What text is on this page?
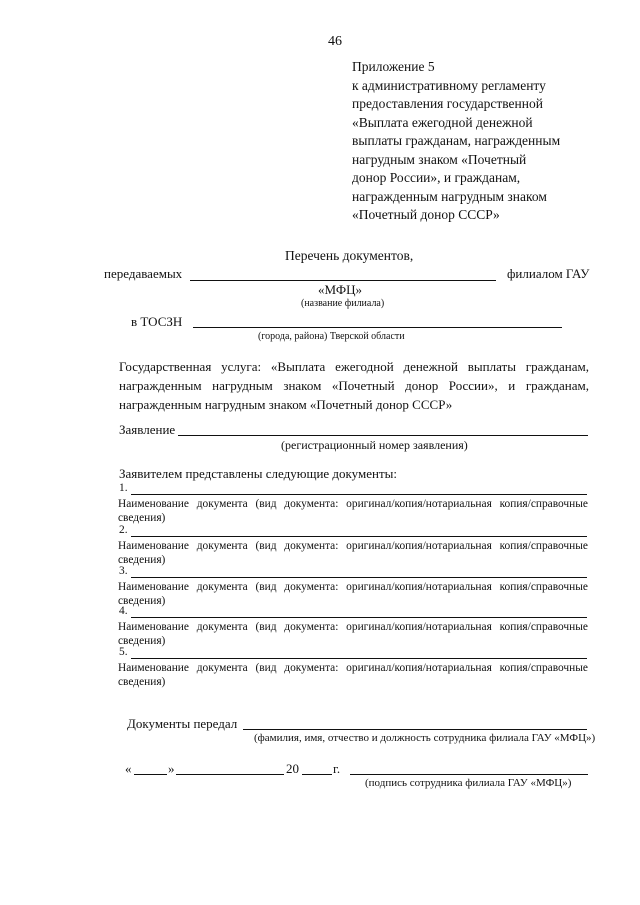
46
Приложение 5
к административному регламенту
предоставления государственной
«Выплата ежегодной денежной
выплаты гражданам, награжденным
нагрудным знаком «Почетный
донор России», и гражданам,
награжденным нагрудным знаком
«Почетный донор СССР»
Перечень документов,
передаваемых	филиалом ГАУ
«МФЦ»
(название филиала)
в ТОСЗН
(города, района) Тверской области
Государственная услуга: «Выплата ежегодной денежной выплаты гражданам,
награжденным нагрудным знаком «Почетный донор России», и гражданам,
награжденным нагрудным знаком «Почетный донор СССР»
Заявление
(регистрационный номер заявления)
Заявителем представлены следующие документы:
1.
Наименование документа (вид документа: оригинал/копия/нотариальная копия/справочные
сведения)
2.
Наименование документа (вид документа: оригинал/копия/нотариальная копия/справочные
сведения)
3.
Наименование документа (вид документа: оригинал/копия/нотариальная копия/справочные
сведения)
4.
Наименование документа (вид документа: оригинал/копия/нотариальная копия/справочные
сведения)
5.
Наименование документа (вид документа: оригинал/копия/нотариальная копия/справочные
сведения)
Документы передал
(фамилия, имя, отчество и должность сотрудника филиала ГАУ «МФЦ»)
«	»	20	г.
(подпись сотрудника филиала ГАУ «МФЦ»)
